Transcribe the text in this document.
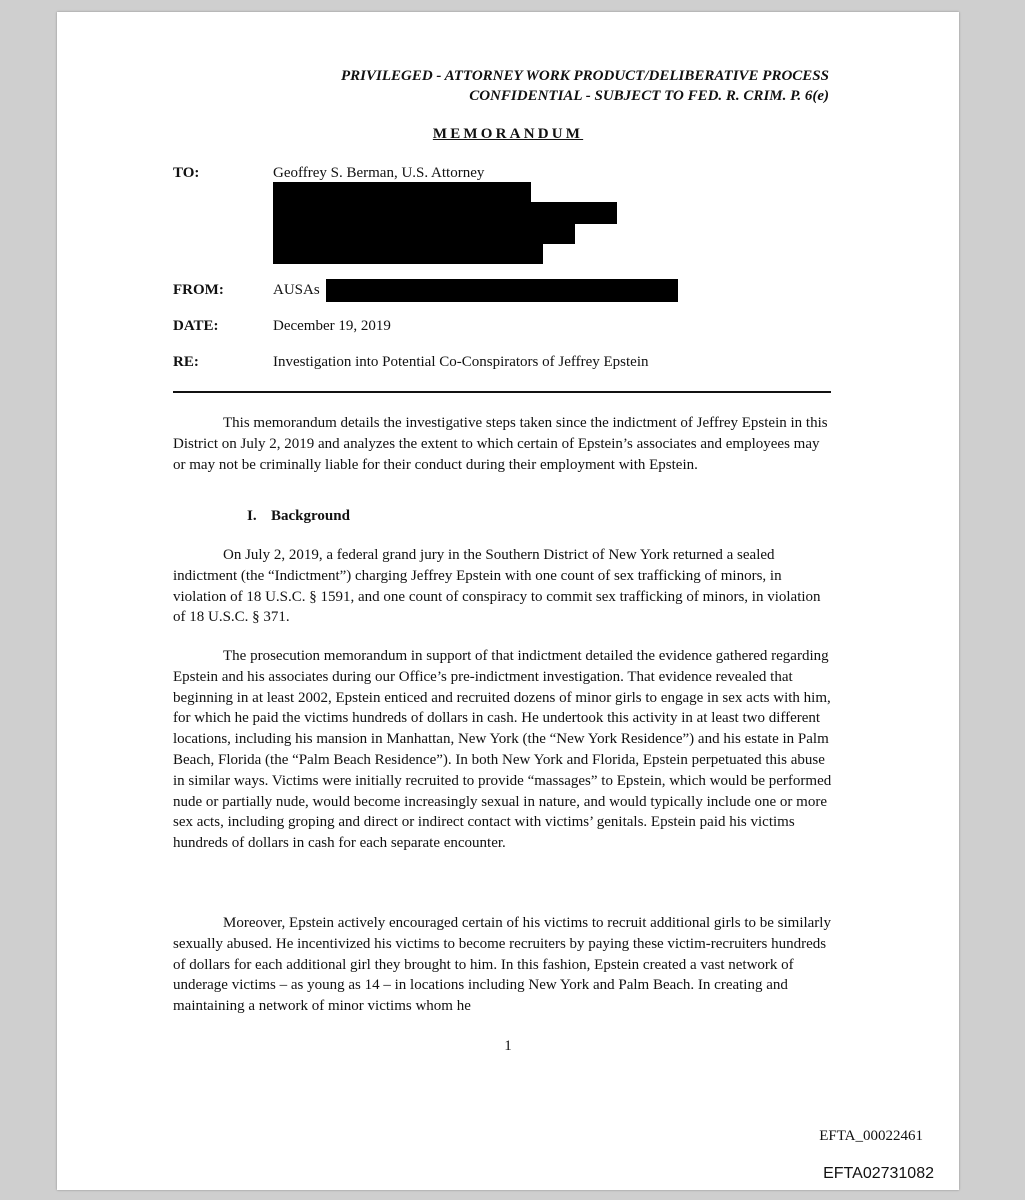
PRIVILEGED - ATTORNEY WORK PRODUCT/DELIBERATIVE PROCESS
CONFIDENTIAL - SUBJECT TO FED. R. CRIM. P. 6(e)
MEMORANDUM
TO:	Geoffrey S. Berman, U.S. Attorney
FROM:	AUSAs
DATE:	December 19, 2019
RE:	Investigation into Potential Co-Conspirators of Jeffrey Epstein

This memorandum details the investigative steps taken since the indictment of Jeffrey Epstein in this District on July 2, 2019 and analyzes the extent to which certain of Epstein’s associates and employees may or may not be criminally liable for their conduct during their employment with Epstein.

I. Background

On July 2, 2019, a federal grand jury in the Southern District of New York returned a sealed indictment (the “Indictment”) charging Jeffrey Epstein with one count of sex trafficking of minors, in violation of 18 U.S.C. § 1591, and one count of conspiracy to commit sex trafficking of minors, in violation of 18 U.S.C. § 371.

The prosecution memorandum in support of that indictment detailed the evidence gathered regarding Epstein and his associates during our Office’s pre-indictment investigation. That evidence revealed that beginning in at least 2002, Epstein enticed and recruited dozens of minor girls to engage in sex acts with him, for which he paid the victims hundreds of dollars in cash. He undertook this activity in at least two different locations, including his mansion in Manhattan, New York (the “New York Residence”) and his estate in Palm Beach, Florida (the “Palm Beach Residence”). In both New York and Florida, Epstein perpetuated this abuse in similar ways. Victims were initially recruited to provide “massages” to Epstein, which would be performed nude or partially nude, would become increasingly sexual in nature, and would typically include one or more sex acts, including groping and direct or indirect contact with victims’ genitals. Epstein paid his victims hundreds of dollars in cash for each separate encounter.

Moreover, Epstein actively encouraged certain of his victims to recruit additional girls to be similarly sexually abused. He incentivized his victims to become recruiters by paying these victim-recruiters hundreds of dollars for each additional girl they brought to him. In this fashion, Epstein created a vast network of underage victims – as young as 14 – in locations including New York and Palm Beach. In creating and maintaining a network of minor victims whom he

1
EFTA_00022461
EFTA02731082
